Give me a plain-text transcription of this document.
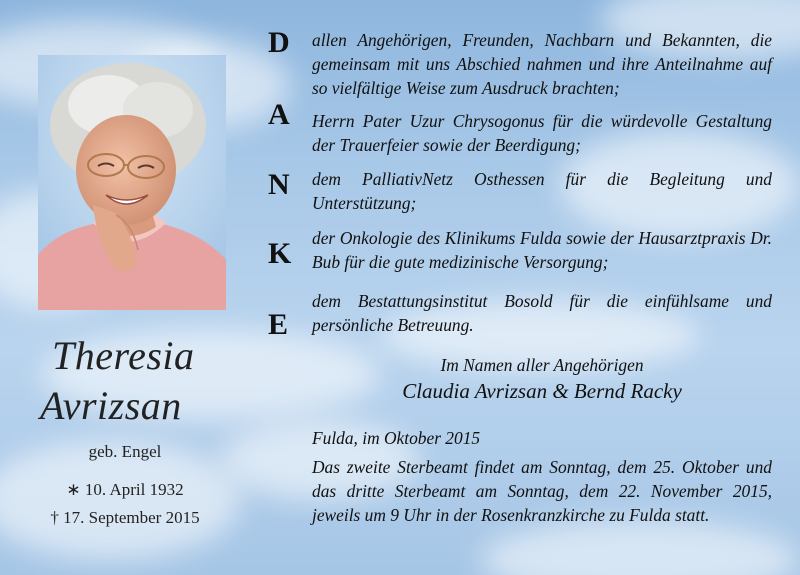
Theresia
Avrizsan
geb. Engel
∗ 10. April 1932
† 17. September 2015
D
A
N
K
E
allen Angehörigen, Freunden, Nachbarn und Bekannten, die gemeinsam mit uns Abschied nahmen und ihre Anteilnahme auf so vielfältige Weise zum Ausdruck brachten;
Herrn Pater Uzur Chrysogonus für die würdevolle Gestaltung der Trauerfeier sowie der Beerdigung;
dem PalliativNetz Osthessen für die Begleitung und Unterstützung;
der Onkologie des Klinikums Fulda sowie der Hausarztpraxis Dr. Bub für die gute medizinische Versorgung;
dem Bestattungsinstitut Bosold für die einfühlsame und persönliche Betreuung.
Im Namen aller Angehörigen
Claudia Avrizsan & Bernd Racky
Fulda, im Oktober 2015
Das zweite Sterbeamt findet am Sonntag, dem 25. Oktober und das dritte Sterbeamt am Sonntag, dem 22. November 2015, jeweils um 9 Uhr in der Rosenkranzkirche zu Fulda statt.
